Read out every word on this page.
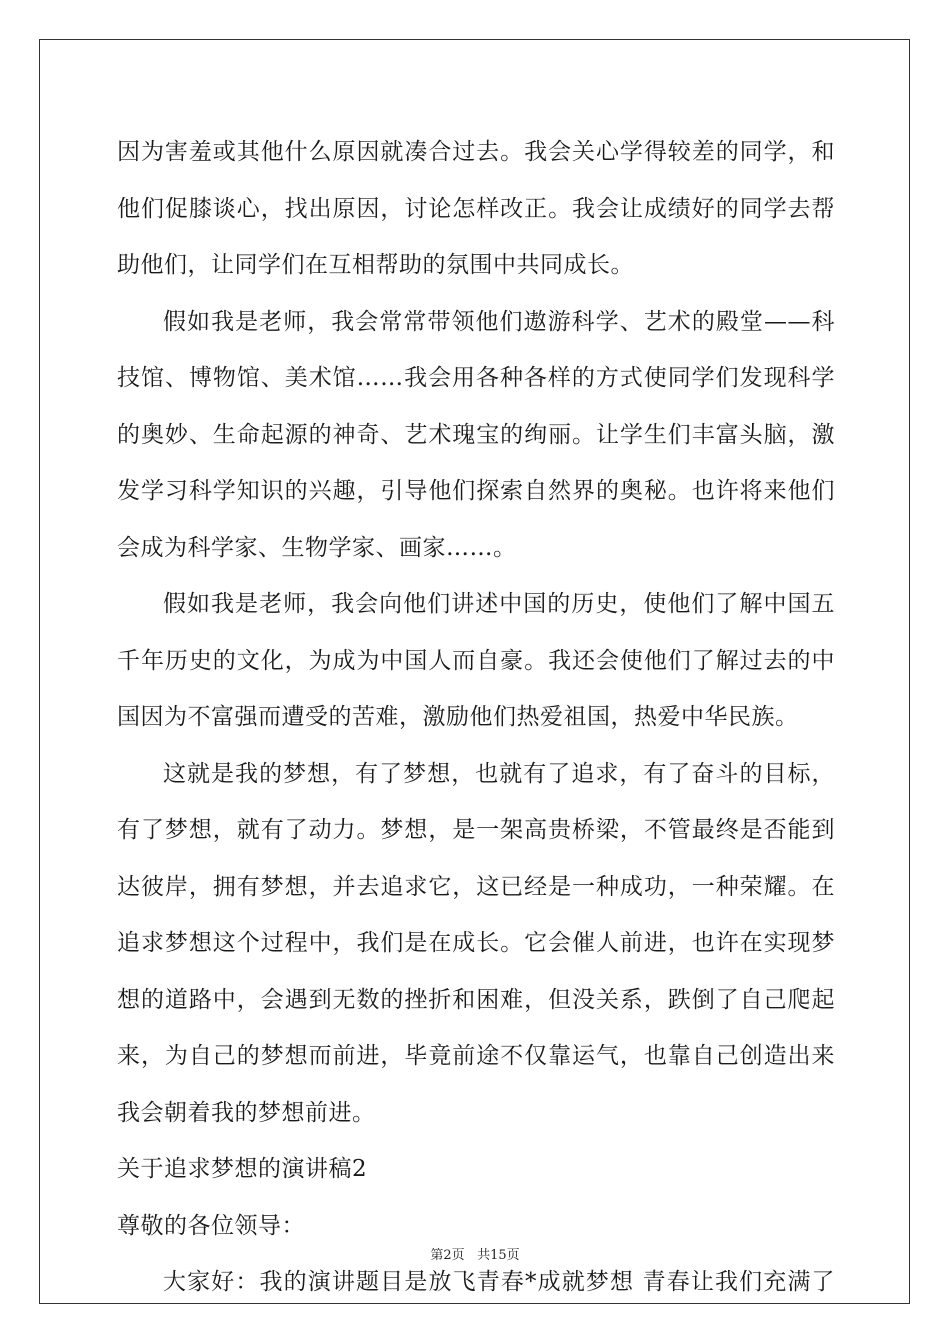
因为害羞或其他什么原因就凑合过去。我会关心学得较差的同学，和
他们促膝谈心，找出原因，讨论怎样改正。我会让成绩好的同学去帮
助他们，让同学们在互相帮助的氛围中共同成长。
假如我是老师，我会常常带领他们遨游科学、艺术的殿堂——科
技馆、博物馆、美术馆……我会用各种各样的方式使同学们发现科学
的奥妙、生命起源的神奇、艺术瑰宝的绚丽。让学生们丰富头脑，激
发学习科学知识的兴趣，引导他们探索自然界的奥秘。也许将来他们
会成为科学家、生物学家、画家……。
假如我是老师，我会向他们讲述中国的历史，使他们了解中国五
千年历史的文化，为成为中国人而自豪。我还会使他们了解过去的中
国因为不富强而遭受的苦难，激励他们热爱祖国，热爱中华民族。
这就是我的梦想，有了梦想，也就有了追求，有了奋斗的目标，
有了梦想，就有了动力。梦想，是一架高贵桥梁，不管最终是否能到
达彼岸，拥有梦想，并去追求它，这已经是一种成功，一种荣耀。在
追求梦想这个过程中，我们是在成长。它会催人前进，也许在实现梦
想的道路中，会遇到无数的挫折和困难，但没关系，跌倒了自己爬起
来，为自己的梦想而前进，毕竟前途不仅靠运气，也靠自己创造出来
我会朝着我的梦想前进。
关于追求梦想的演讲稿2
尊敬的各位领导：
大家好：我的演讲题目是放飞青春*成就梦想 青春让我们充满了
第2页 共15页
